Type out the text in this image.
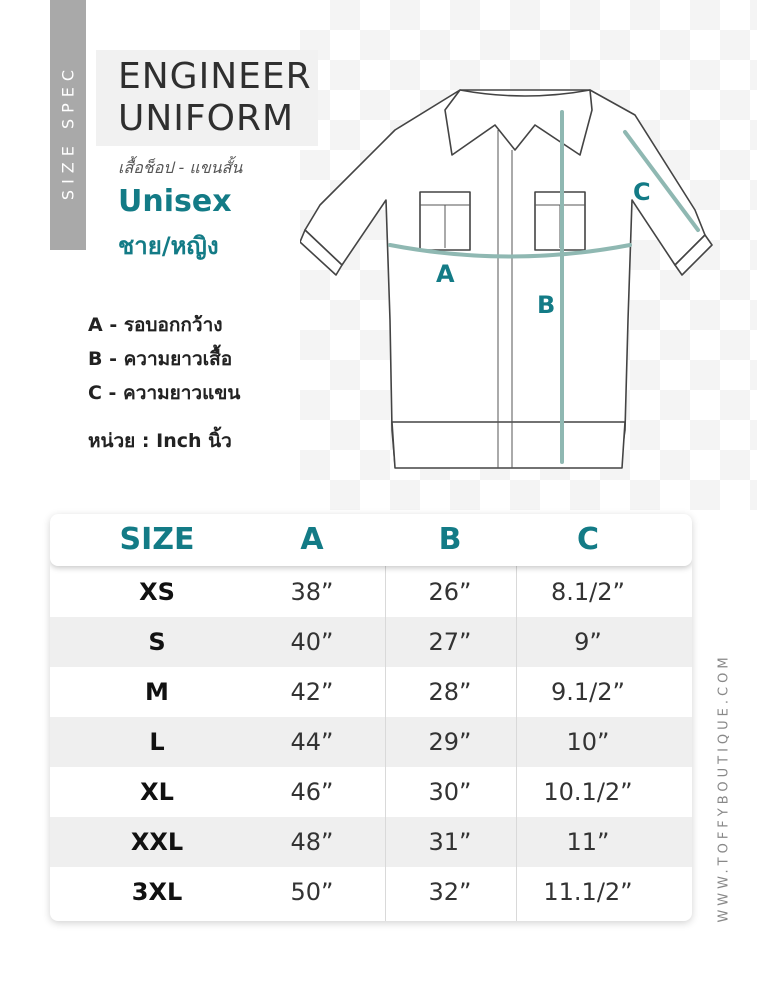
SIZE SPEC ENGINEER
UNIFORM
เสื้อช็อป - แขนสั้น
Unisex
ชาย/หญิง
A - รอบอกกว้าง
B - ความยาวเสื้อ
C - ความยาวแขน
หน่วย : Inch นิ้ว
A
B
C
SIZE	A	B	C
XS	38”	26”	8.1/2”
S	40”	27”	9”
M	42”	28”	9.1/2”
L	44”	29”	10”
XL	46”	30”	10.1/2”
XXL	48”	31”	11”
3XL	50”	32”	11.1/2”	WWW.TOFFYBOUTIQUE.COM
